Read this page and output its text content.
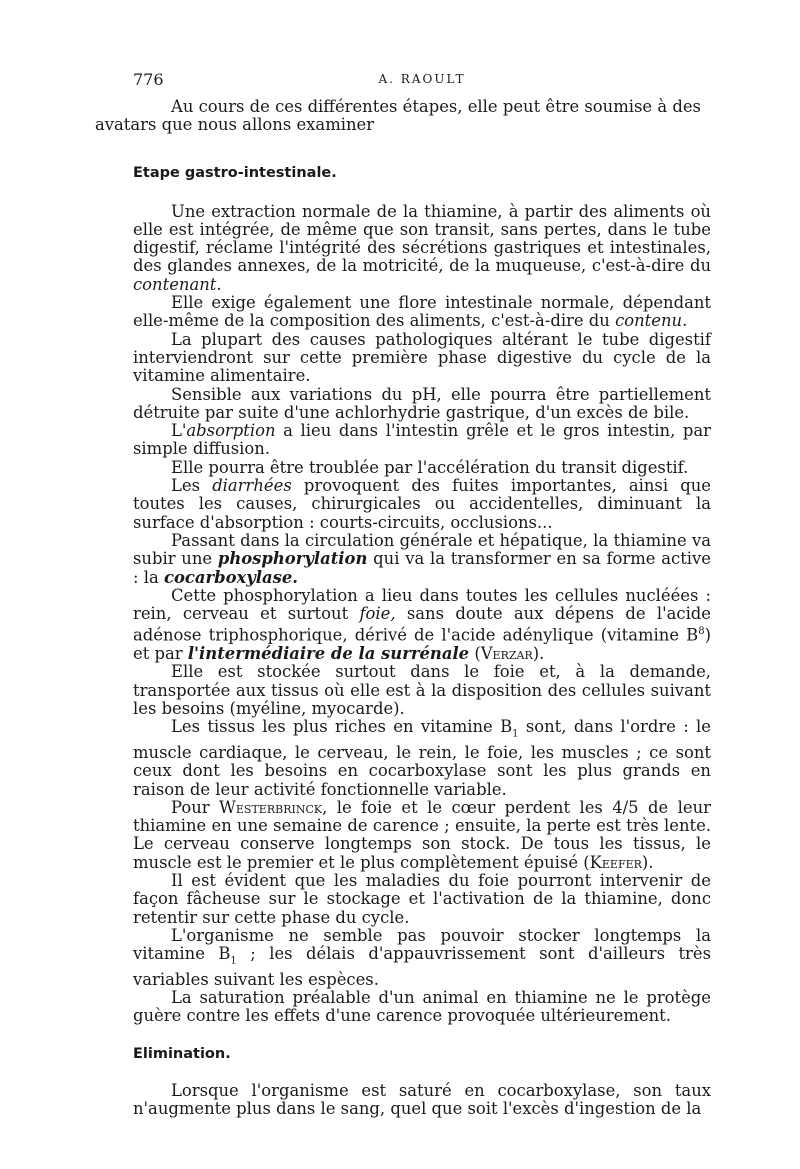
776	A. RAOULT

Au cours de ces différentes étapes, elle peut être soumise à des
avatars que nous allons examiner

Etape gastro-intestinale.

Une extraction normale de la thiamine, à partir des aliments où elle est intégrée, de même que son transit, sans pertes, dans le tube digestif, réclame l'intégrité des sécrétions gastriques et intestinales, des glandes annexes, de la motricité, de la muqueuse, c'est-à-dire du contenant.

Elle exige également une flore intestinale normale, dépendant elle-même de la composition des aliments, c'est-à-dire du contenu.

La plupart des causes pathologiques altérant le tube digestif interviendront sur cette première phase digestive du cycle de la vitamine alimentaire.

Sensible aux variations du pH, elle pourra être partiellement détruite par suite d'une achlorhydrie gastrique, d'un excès de bile.

L'absorption a lieu dans l'intestin grêle et le gros intestin, par simple diffusion.

Elle pourra être troublée par l'accélération du transit digestif.

Les diarrhées provoquent des fuites importantes, ainsi que toutes les causes, chirurgicales ou accidentelles, diminuant la surface d'absorption : courts-circuits, occlusions...

Passant dans la circulation générale et hépatique, la thiamine va subir une phosphorylation qui va la transformer en sa forme active : la cocarboxylase.

Cette phosphorylation a lieu dans toutes les cellules nucléées : rein, cerveau et surtout foie, sans doute aux dépens de l'acide adénose triphosphorique, dérivé de l'acide adénylique (vitamine $B^8$) et par l'intermédiaire de la surrénale (Verzar).

Elle est stockée surtout dans le foie et, à la demande, transportée aux tissus où elle est à la disposition des cellules suivant les besoins (myéline, myocarde).

Les tissus les plus riches en vitamine $B_1$ sont, dans l'ordre : le muscle cardiaque, le cerveau, le rein, le foie, les muscles ; ce sont ceux dont les besoins en cocarboxylase sont les plus grands en raison de leur activité fonctionnelle variable.

Pour Westerbrinck, le foie et le cœur perdent les 4/5 de leur thiamine en une semaine de carence ; ensuite, la perte est très lente. Le cerveau conserve longtemps son stock. De tous les tissus, le muscle est le premier et le plus complètement épuisé (Keefer).

Il est évident que les maladies du foie pourront intervenir de façon fâcheuse sur le stockage et l'activation de la thiamine, donc retentir sur cette phase du cycle.

L'organisme ne semble pas pouvoir stocker longtemps la vitamine $B_1$ ; les délais d'appauvrissement sont d'ailleurs très variables suivant les espèces.

La saturation préalable d'un animal en thiamine ne le protège guère contre les effets d'une carence provoquée ultérieurement.

Elimination.

Lorsque l'organisme est saturé en cocarboxylase, son taux n'augmente plus dans le sang, quel que soit l'excès d'ingestion de la
